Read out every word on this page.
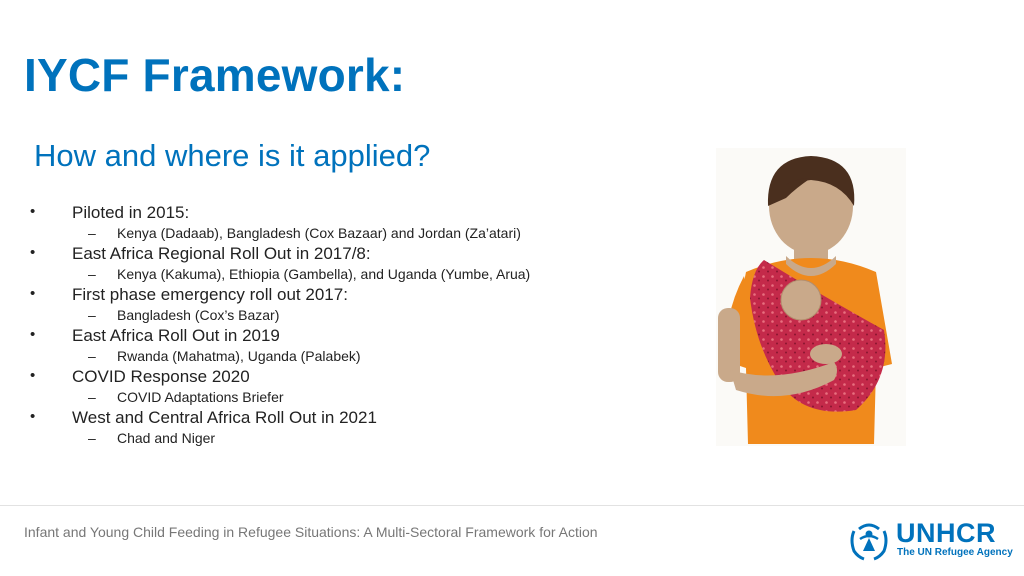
IYCF Framework:
How and where is it applied?
• Piloted in 2015:
– Kenya (Dadaab), Bangladesh (Cox Bazaar) and Jordan (Za’atari)
• East Africa Regional Roll Out in 2017/8:
– Kenya (Kakuma), Ethiopia (Gambella), and Uganda (Yumbe, Arua)
• First phase emergency roll out 2017:
– Bangladesh (Cox’s Bazar)
• East Africa Roll Out in 2019
– Rwanda (Mahatma), Uganda (Palabek)
• COVID Response 2020
– COVID Adaptations Briefer
• West and Central Africa Roll Out in 2021
– Chad and Niger

Infant and Young Child Feeding in Refugee Situations: A Multi-Sectoral Framework for Action	UNHCR
The UN Refugee Agency
